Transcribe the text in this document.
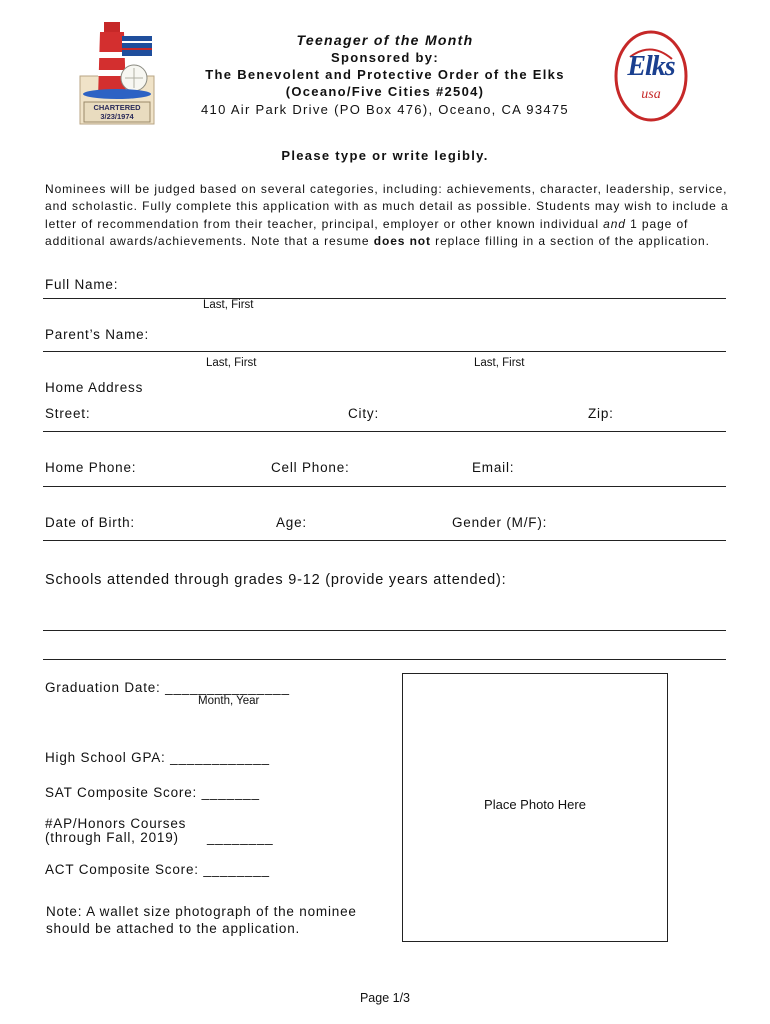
CHARTERED
3/23/1974
Elks
usa
Teenager of the Month
Sponsored by:
The Benevolent and Protective Order of the Elks
(Oceano/Five Cities #2504)
410 Air Park Drive (PO Box 476), Oceano, CA 93475
Please type or write legibly.
Nominees will be judged based on several categories, including: achievements, character, leadership, service, and scholastic. Fully complete this application with as much detail as possible. Students may wish to include a letter of recommendation from their teacher, principal, employer or other known individual and 1 page of additional awards/achievements. Note that a resume does not replace filling in a section of the application.
Full Name:
Last, First
Parent’s Name:
Last, First	Last, First
Home Address
Street:	City:	Zip:
Home Phone:	Cell Phone:	Email:
Date of Birth:	Age:	Gender (M/F):
Schools attended through grades 9-12 (provide years attended):
Graduation Date: _______________
Month, Year
High School GPA: ____________
SAT Composite Score: _______
#AP/Honors Courses
(through Fall, 2019) ________
ACT Composite Score: ________
Note: A wallet size photograph of the nominee
should be attached to the application.
Place Photo Here
Page 1/3
